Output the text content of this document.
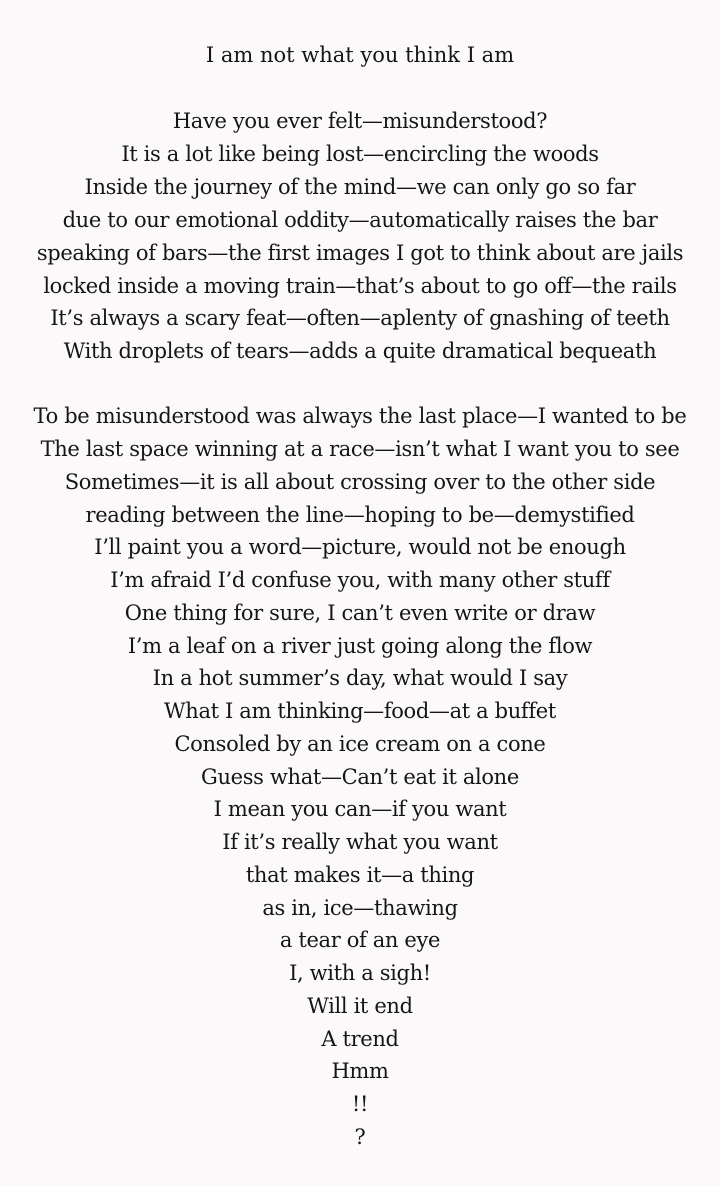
I am not what you think I am
Have you ever felt—misunderstood?
It is a lot like being lost—encircling the woods
Inside the journey of the mind—we can only go so far
due to our emotional oddity—automatically raises the bar
speaking of bars—the first images I got to think about are jails
locked inside a moving train—that’s about to go off—the rails
It’s always a scary feat—often—aplenty of gnashing of teeth
With droplets of tears—adds a quite dramatical bequeath
To be misunderstood was always the last place—I wanted to be
The last space winning at a race—isn’t what I want you to see
Sometimes—it is all about crossing over to the other side
reading between the line—hoping to be—demystified
I’ll paint you a word—picture, would not be enough
I’m afraid I’d confuse you, with many other stuff
One thing for sure, I can’t even write or draw
I’m a leaf on a river just going along the flow
In a hot summer’s day, what would I say
What I am thinking—food—at a buffet
Consoled by an ice cream on a cone
Guess what—Can’t eat it alone
I mean you can—if you want
If it’s really what you want
that makes it—a thing
as in, ice—thawing
a tear of an eye
I, with a sigh!
Will it end
A trend
Hmm
!!
?
